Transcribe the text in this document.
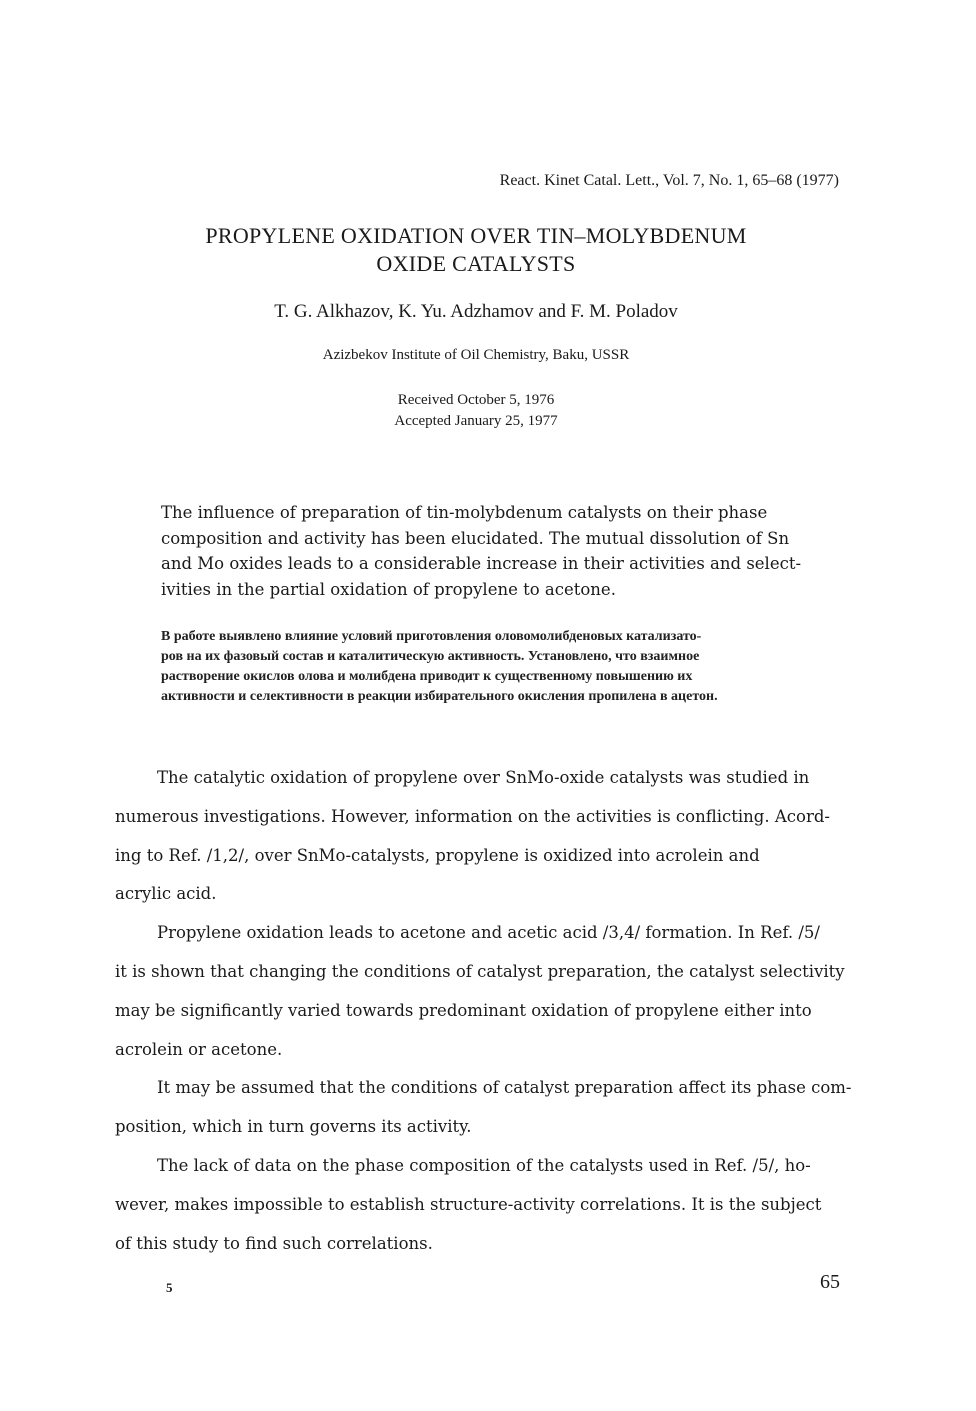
React. Kinet Catal. Lett., Vol. 7, No. 1, 65–68 (1977)
PROPYLENE OXIDATION OVER TIN–MOLYBDENUM
OXIDE CATALYSTS
T. G. Alkhazov, K. Yu. Adzhamov and F. M. Poladov
Azizbekov Institute of Oil Chemistry, Baku, USSR
Received October 5, 1976
Accepted January 25, 1977
The influence of preparation of tin-molybdenum catalysts on their phase
composition and activity has been elucidated. The mutual dissolution of Sn
and Mo oxides leads to a considerable increase in their activities and select-
ivities in the partial oxidation of propylene to acetone.
В работе выявлено влияние условий приготовления оловомолибденовых катализато-
ров на их фазовый состав и каталитическую активность. Установлено, что взаимное
растворение окислов олова и молибдена приводит к существенному повышению их
активности и селективности в реакции избирательного окисления пропилена в ацетон.
The catalytic oxidation of propylene over SnMo-oxide catalysts was studied in
numerous investigations. However, information on the activities is conflicting. Acord-
ing to Ref. /1,2/, over SnMo-catalysts, propylene is oxidized into acrolein and
acrylic acid.
Propylene oxidation leads to acetone and acetic acid /3,4/ formation. In Ref. /5/
it is shown that changing the conditions of catalyst preparation, the catalyst selectivity
may be significantly varied towards predominant oxidation of propylene either into
acrolein or acetone.
It may be assumed that the conditions of catalyst preparation affect its phase com-
position, which in turn governs its activity.
The lack of data on the phase composition of the catalysts used in Ref. /5/, ho-
wever, makes impossible to establish structure-activity correlations. It is the subject
of this study to find such correlations.
5	65
